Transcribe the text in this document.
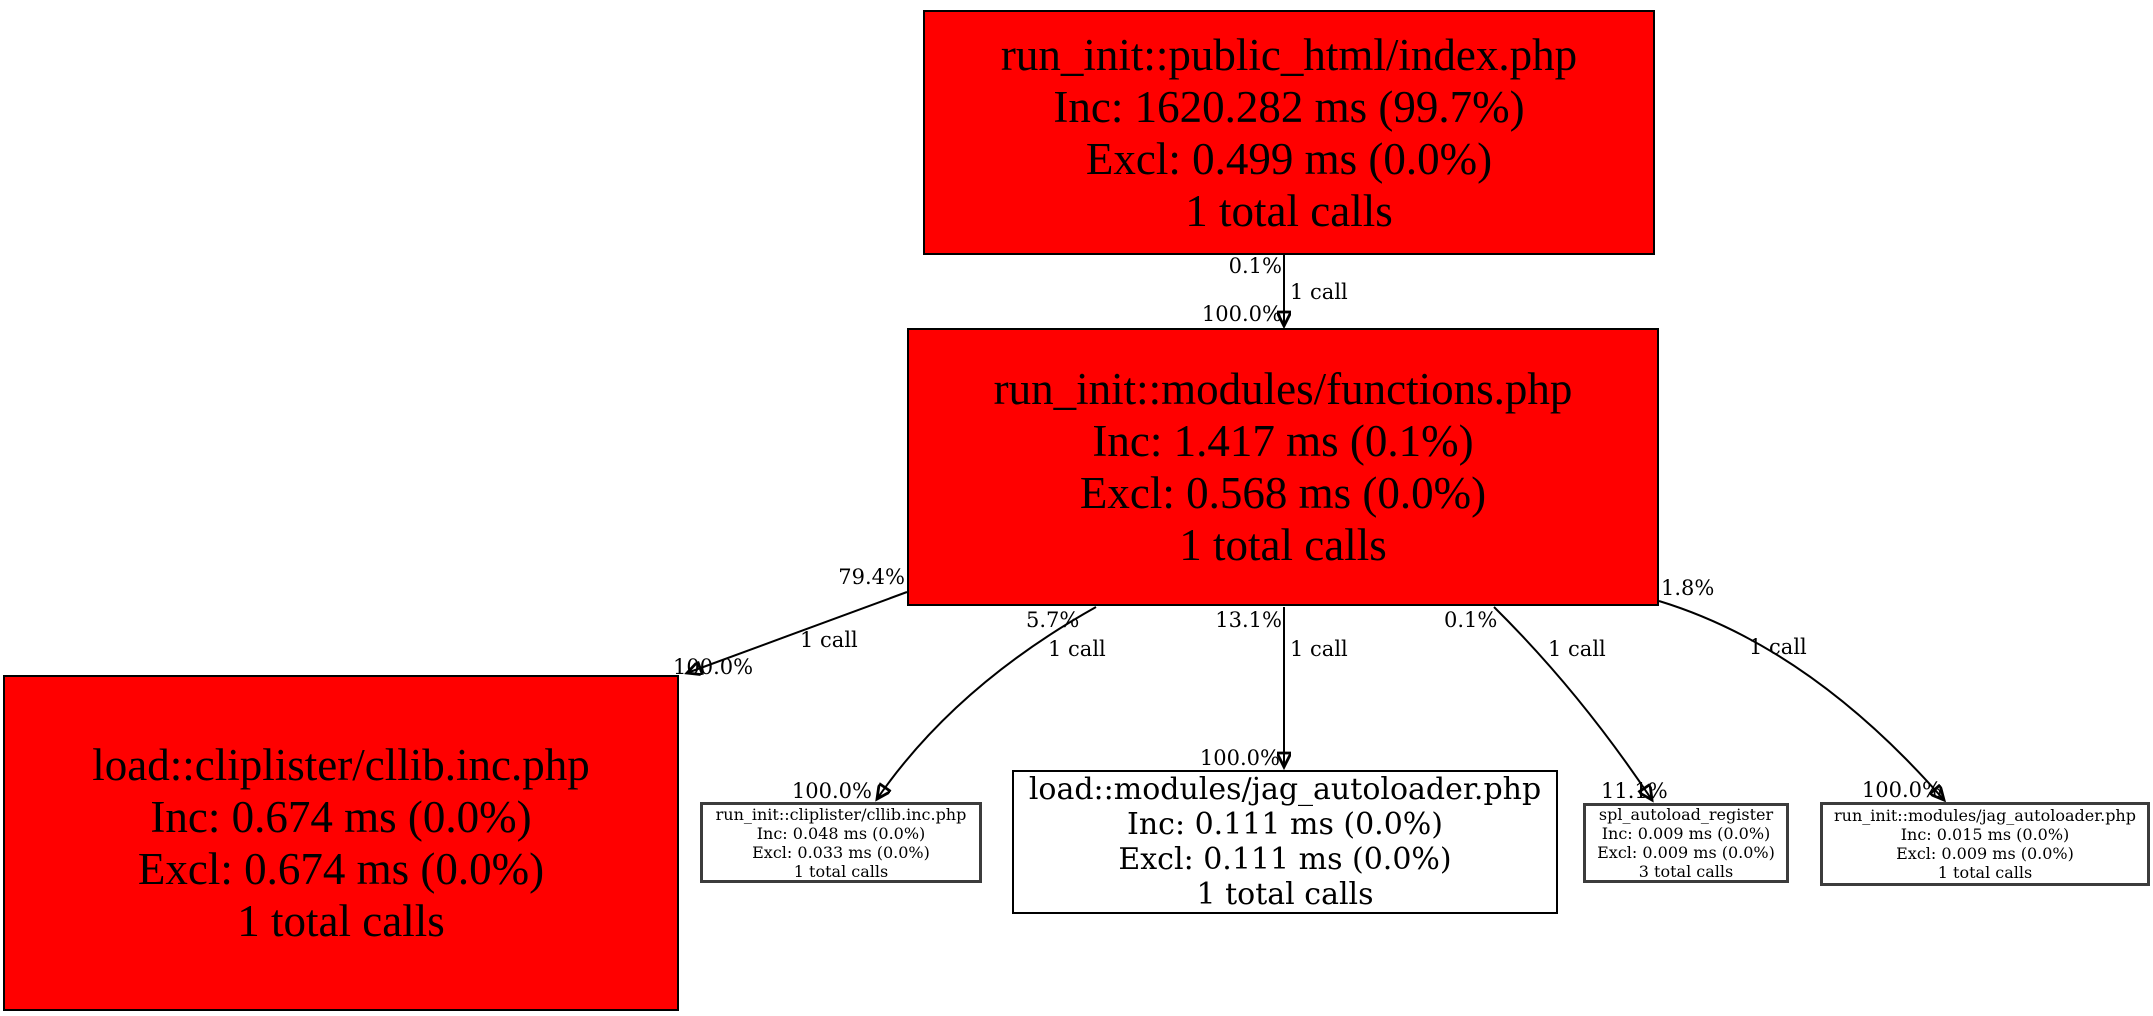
run_init::public_html/index.php
Inc: 1620.282 ms (99.7%)
Excl: 0.499 ms (0.0%)
1 total calls
run_init::modules/functions.php
Inc: 1.417 ms (0.1%)
Excl: 0.568 ms (0.0%)
1 total calls
load::cliplister/cllib.inc.php
Inc: 0.674 ms (0.0%)
Excl: 0.674 ms (0.0%)
1 total calls
run_init::cliplister/cllib.inc.php
Inc: 0.048 ms (0.0%)
Excl: 0.033 ms (0.0%)
1 total calls
load::modules/jag_autoloader.php
Inc: 0.111 ms (0.0%)
Excl: 0.111 ms (0.0%)
1 total calls
spl_autoload_register
Inc: 0.009 ms (0.0%)
Excl: 0.009 ms (0.0%)
3 total calls
run_init::modules/jag_autoloader.php
Inc: 0.015 ms (0.0%)
Excl: 0.009 ms (0.0%)
1 total calls
0.1%
1 call
100.0%
79.4%
1 call
100.0%
5.7%
1 call
100.0%
13.1%
1 call
100.0%
0.1%
1 call
11.1%
1.8%
1 call
100.0%
